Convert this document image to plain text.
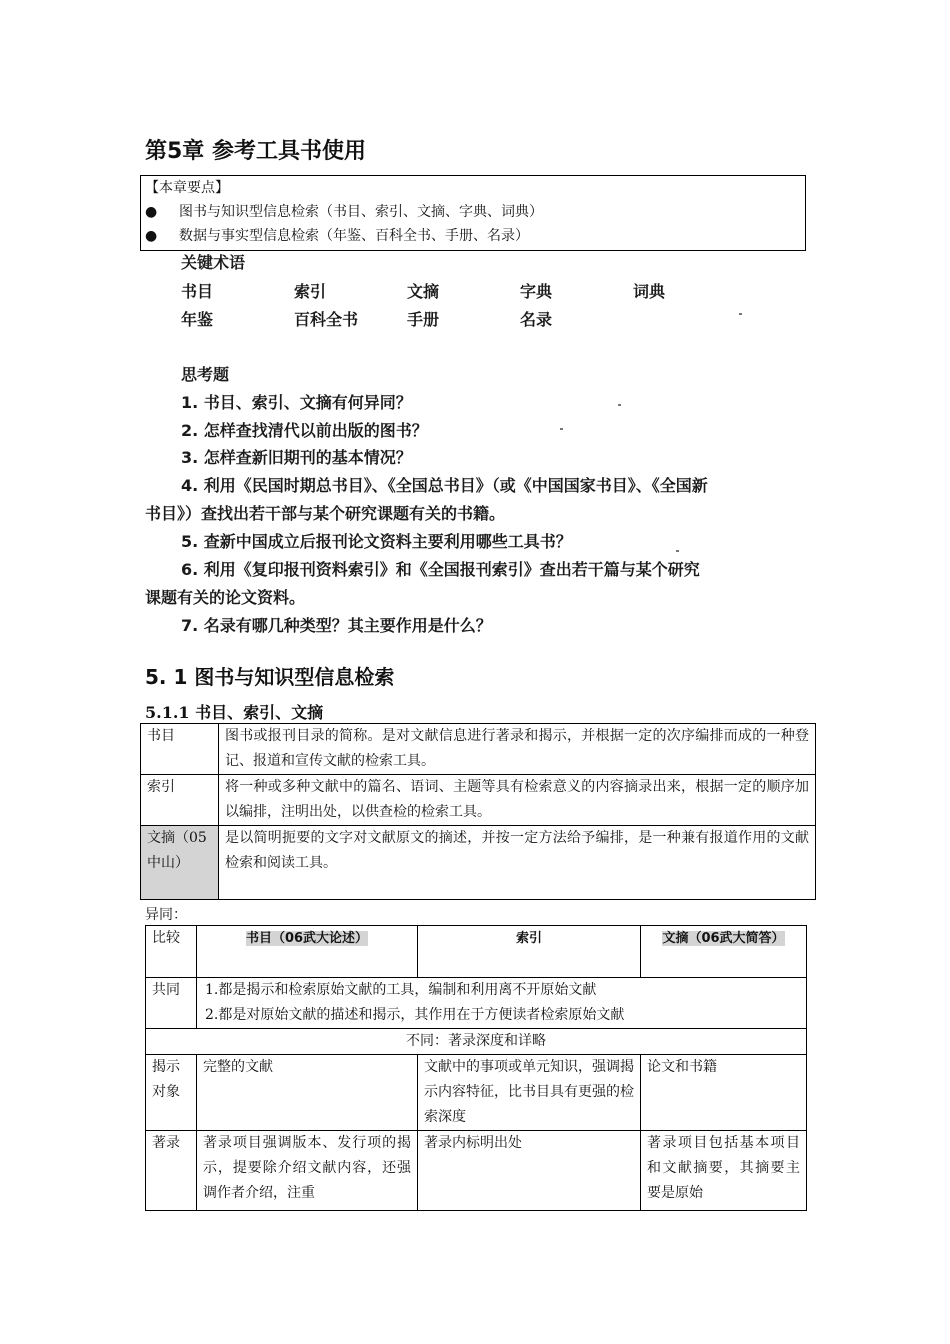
第5章 参考工具书使用
【本章要点】
● 图书与知识型信息检索（书目、索引、文摘、字典、词典）
● 数据与事实型信息检索（年鉴、百科全书、手册、名录）
关键术语
书目	索引	文摘	字典	词典
年鉴	百科全书	手册	名录
思考题
1. 书目、索引、文摘有何异同？
2. 怎样查找清代以前出版的图书？
3. 怎样查新旧期刊的基本情况？
4. 利用《民国时期总书目》、《全国总书目》（或《中国国家书目》、《全国新
书目》）查找出若干部与某个研究课题有关的书籍。
5. 查新中国成立后报刊论文资料主要利用哪些工具书？
6. 利用《复印报刊资料索引》和《全国报刊索引》查出若干篇与某个研究
课题有关的论文资料。
7. 名录有哪几种类型？其主要作用是什么？
5. 1 图书与知识型信息检索
5.1.1 书目、索引、文摘
书目	图书或报刊目录的简称。是对文献信息进行著录和揭示，并根据一定的次序编排而成的一种登记、报道和宣传文献的检索工具。
索引	将一种或多种文献中的篇名、语词、主题等具有检索意义的内容摘录出来，根据一定的顺序加以编排，注明出处，以供查检的检索工具。
文摘（05中山）	是以简明扼要的文字对文献原文的摘述，并按一定方法给予编排，是一种兼有报道作用的文献检索和阅读工具。
异同：
比较	书目（06武大论述）	索引	文摘（06武大简答）
共同	1.都是揭示和检索原始文献的工具，编制和利用离不开原始文献
2.都是对原始文献的描述和揭示，其作用在于方便读者检索原始文献		

不同：著录深度和详略			
揭示对象	完整的文献	文献中的事项或单元知识，强调揭示内容特征，比书目具有更强的检索深度	论文和书籍
著录	著录项目强调版本、发行项的揭示，提要除介绍文献内容，还强调作者介绍，注重	著录内标明出处	著录项目包括基本项目和文献摘要，其摘要主要是原始
